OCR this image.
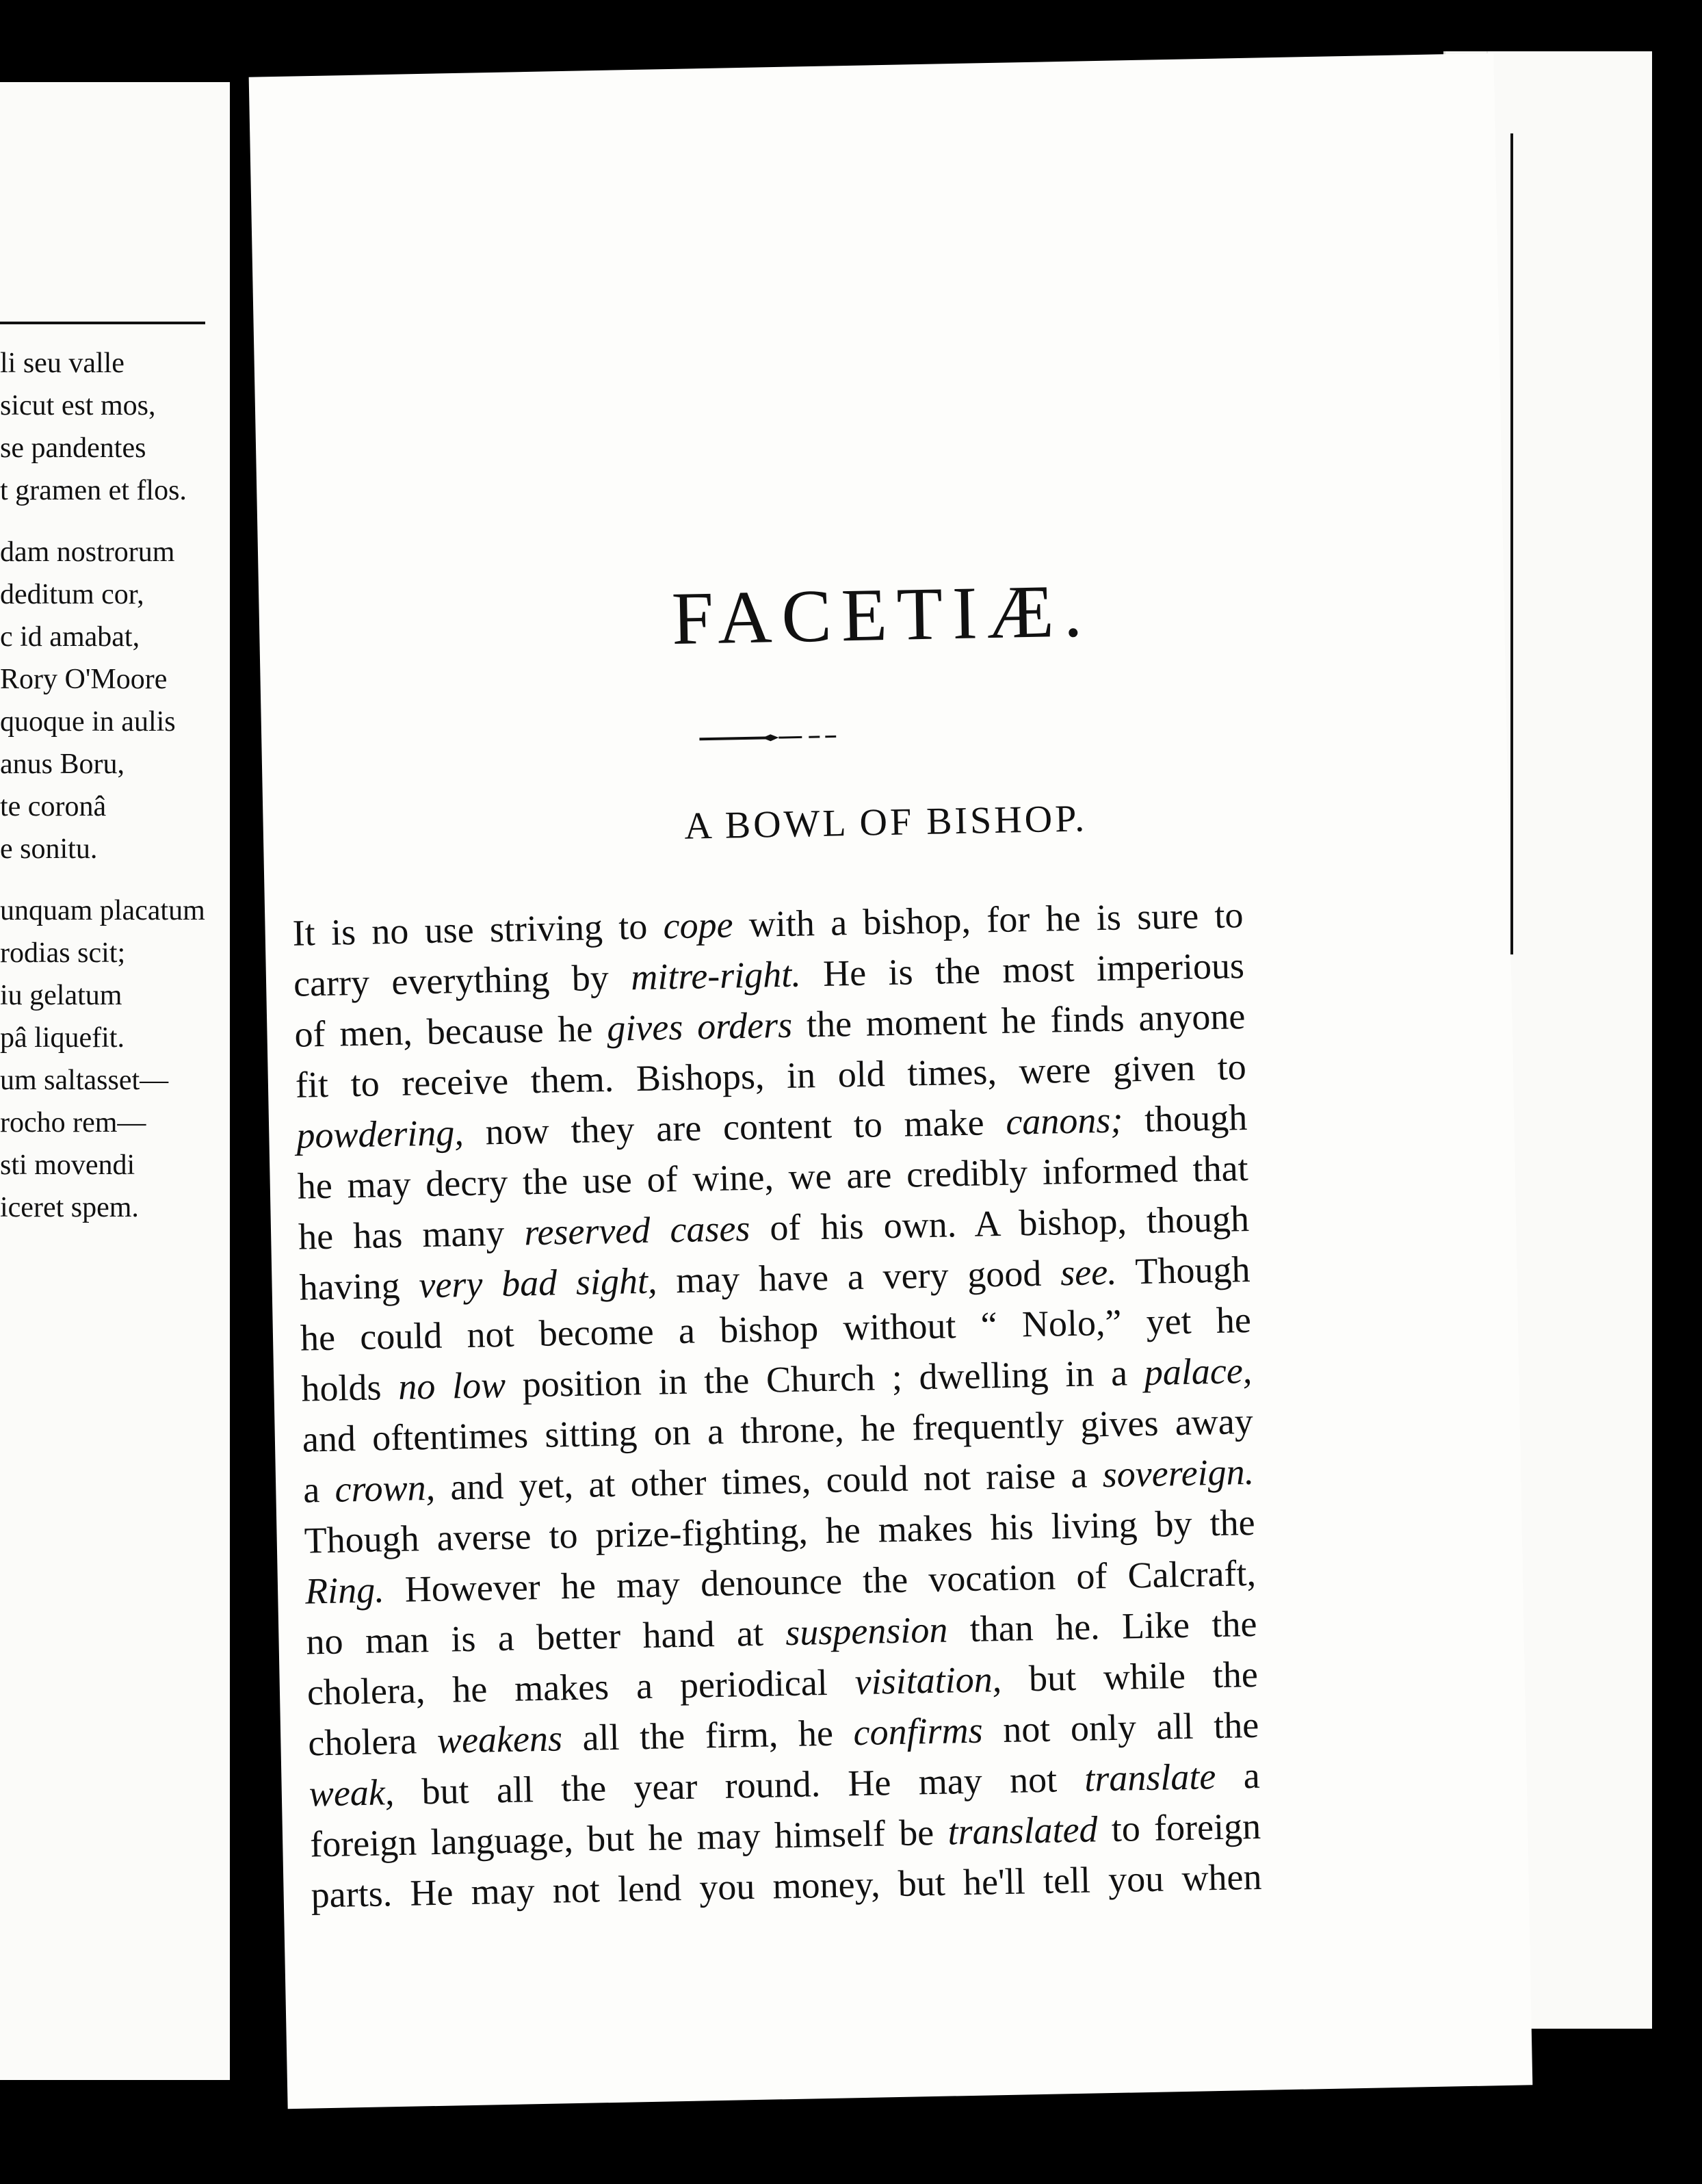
li seu valle
sicut est mos,
se pandentes
t gramen et flos.
dam nostrorum
deditum cor,
c id amabat,
Rory O'Moore
quoque in aulis
anus Boru,
te coronâ
e sonitu.
unquam placatum
rodias scit;
iu gelatum
pâ liquefit.
um saltasset—
rocho rem—
sti movendi
iceret spem.
FACETIÆ.
A BOWL OF BISHOP.
It is no use striving to cope with a bishop, for he is sure to
carry everything by mitre-right. He is the most imperious
of men, because he gives orders the moment he finds anyone
fit to receive them. Bishops, in old times, were given to
powdering, now they are content to make canons; though
he may decry the use of wine, we are credibly informed that
he has many reserved cases of his own. A bishop, though
having very bad sight, may have a very good see. Though
he could not become a bishop without “ Nolo,” yet he
holds no low position in the Church ; dwelling in a palace,
and oftentimes sitting on a throne, he frequently gives away
a crown, and yet, at other times, could not raise a sovereign.
Though averse to prize-fighting, he makes his living by the
Ring. However he may denounce the vocation of Calcraft,
no man is a better hand at suspension than he. Like the
cholera, he makes a periodical visitation, but while the
cholera weakens all the firm, he confirms not only all the
weak, but all the year round. He may not translate a
foreign language, but he may himself be translated to foreign
parts. He may not lend you money, but he'll tell you when
